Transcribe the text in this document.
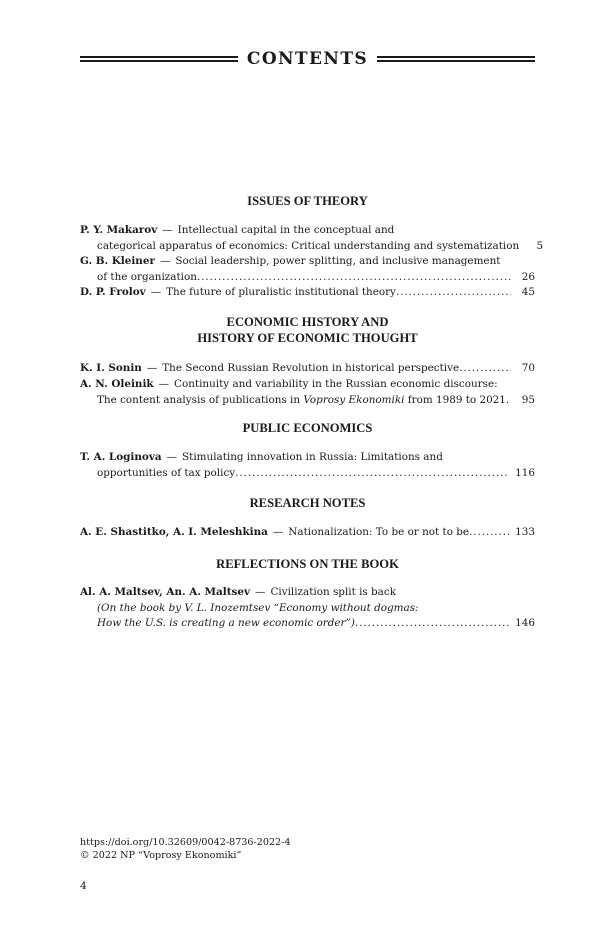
CONTENTS
ISSUES OF THEORY
P. Y. Makarov — Intellectual capital in the conceptual and
categorical apparatus of economics: Critical understanding and systematization	5
G. B. Kleiner — Social leadership, power splitting, and inclusive management
of the organization . . .	26
D. P. Frolov — The future of pluralistic institutional theory . . .	45
ECONOMIC HISTORY AND
HISTORY OF ECONOMIC THOUGHT
K. I. Sonin — The Second Russian Revolution in historical perspective . . .	70
A. N. Oleinik — Continuity and variability in the Russian economic discourse:
The content analysis of publications in Voprosy Ekonomiki from 1989 to 2021 . . .	95
PUBLIC ECONOMICS
T. A. Loginova — Stimulating innovation in Russia: Limitations and
opportunities of tax policy . . .	116
RESEARCH NOTES
A. E. Shastitko, A. I. Meleshkina — Nationalization: To be or not to be . . .	133
REFLECTIONS ON THE BOOK
Al. A. Maltsev, An. A. Maltsev — Civilization split is back
(On the book by V. L. Inozemtsev “Economy without dogmas:
How the U.S. is creating a new economic order”) . . .	146
https://doi.org/10.32609/0042-8736-2022-4
© 2022 NP “Voprosy Ekonomiki”
4
